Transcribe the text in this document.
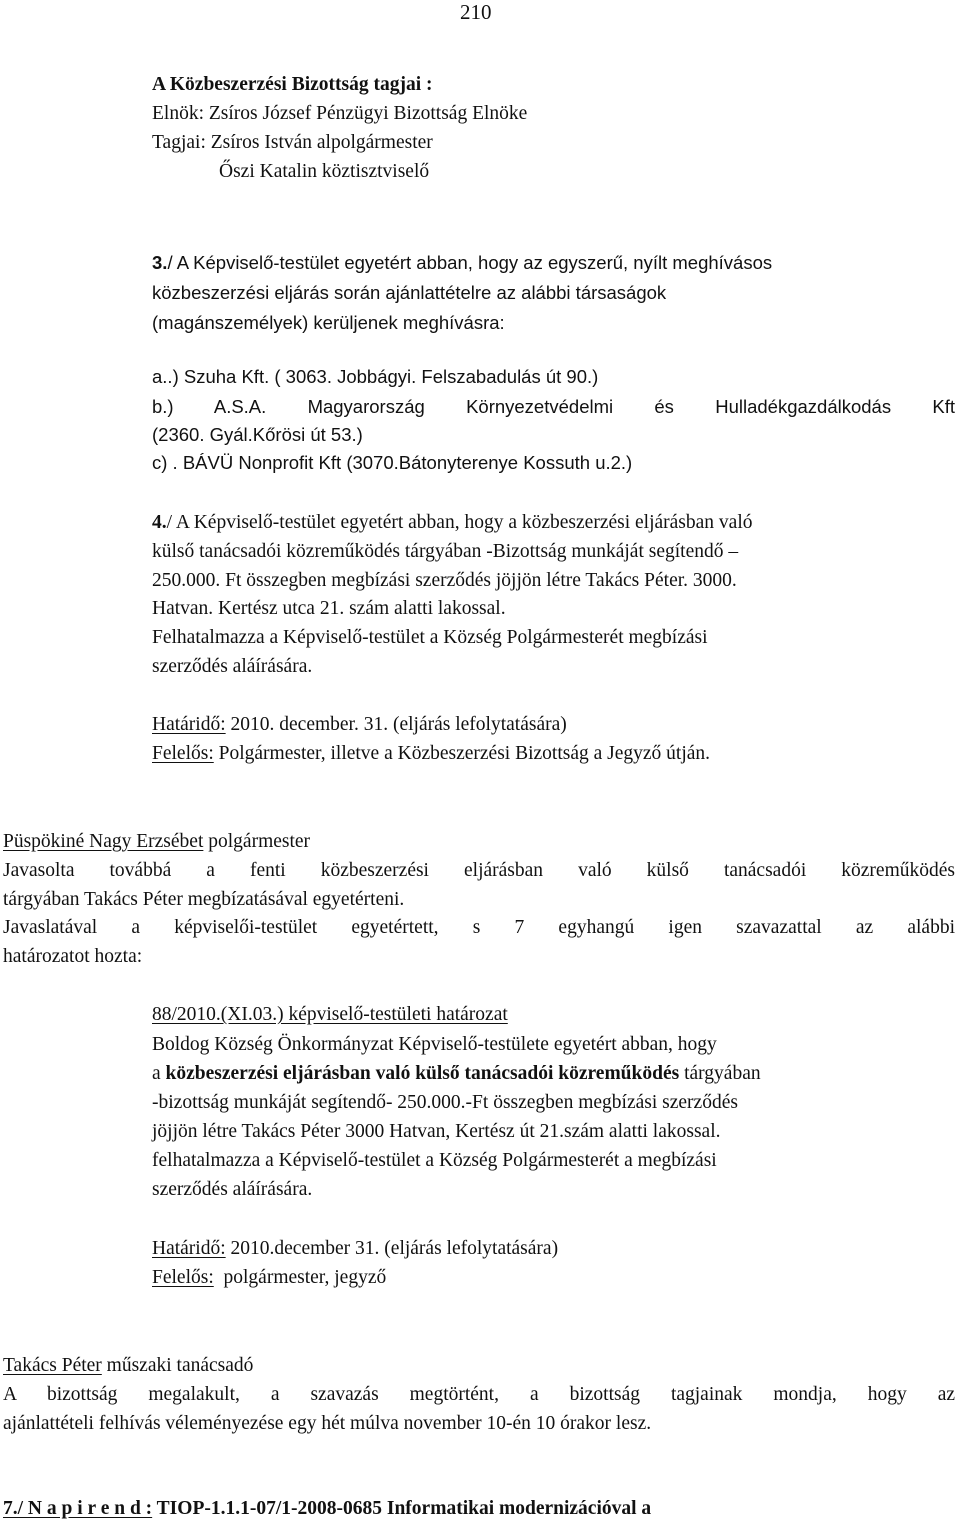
210
A Közbeszerzési Bizottság tagjai :
Elnök: Zsíros József Pénzügyi Bizottság Elnöke
Tagjai: Zsíros István alpolgármester
Őszi Katalin köztisztviselő
3./ A Képviselő-testület egyetért abban, hogy az egyszerű, nyílt meghívásos
közbeszerzési eljárás során ajánlattételre az alábbi társaságok
(magánszemélyek) kerüljenek meghívásra:
a..) Szuha Kft. ( 3063. Jobbágyi. Felszabadulás út 90.)
b.) A.S.A. Magyarország Környezetvédelmi és Hulladékgazdálkodás Kft
(2360. Gyál.Kőrösi út 53.)
c) . BÁVÜ Nonprofit Kft (3070.Bátonyterenye Kossuth u.2.)
4./ A Képviselő-testület egyetért abban, hogy a közbeszerzési eljárásban való
külső tanácsadói közreműködés tárgyában -Bizottság munkáját segítendő –
250.000. Ft összegben megbízási szerződés jöjjön létre Takács Péter. 3000.
Hatvan. Kertész utca 21. szám alatti lakossal.
Felhatalmazza a Képviselő-testület a Község Polgármesterét megbízási
szerződés aláírására.
Határidő: 2010. december. 31. (eljárás lefolytatására)
Felelős: Polgármester, illetve a Közbeszerzési Bizottság a Jegyző útján.
Püspökiné Nagy Erzsébet polgármester
Javasolta továbbá a fenti közbeszerzési eljárásban való külső tanácsadói közreműködés
tárgyában Takács Péter megbízatásával egyetérteni.
Javaslatával a képviselői-testület egyetértett, s 7 egyhangú igen szavazattal az alábbi
határozatot hozta:
88/2010.(XI.03.) képviselő-testületi határozat
Boldog Község Önkormányzat Képviselő-testülete egyetért abban, hogy
a közbeszerzési eljárásban való külső tanácsadói közreműködés tárgyában
-bizottság munkáját segítendő- 250.000.-Ft összegben megbízási szerződés
jöjjön létre Takács Péter 3000 Hatvan, Kertész út 21.szám alatti lakossal.
felhatalmazza a Képviselő-testület a Község Polgármesterét a megbízási
szerződés aláírására.
Határidő: 2010.december 31. (eljárás lefolytatására)
Felelős:  polgármester, jegyző
Takács Péter műszaki tanácsadó
A bizottság megalakult, a szavazás megtörtént, a bizottság tagjainak mondja, hogy az
ajánlattételi felhívás véleményezése egy hét múlva november 10-én 10 órakor lesz.
7./ N a p i r e n d : TIOP-1.1.1-07/1-2008-0685 Informatikai modernizációval a
